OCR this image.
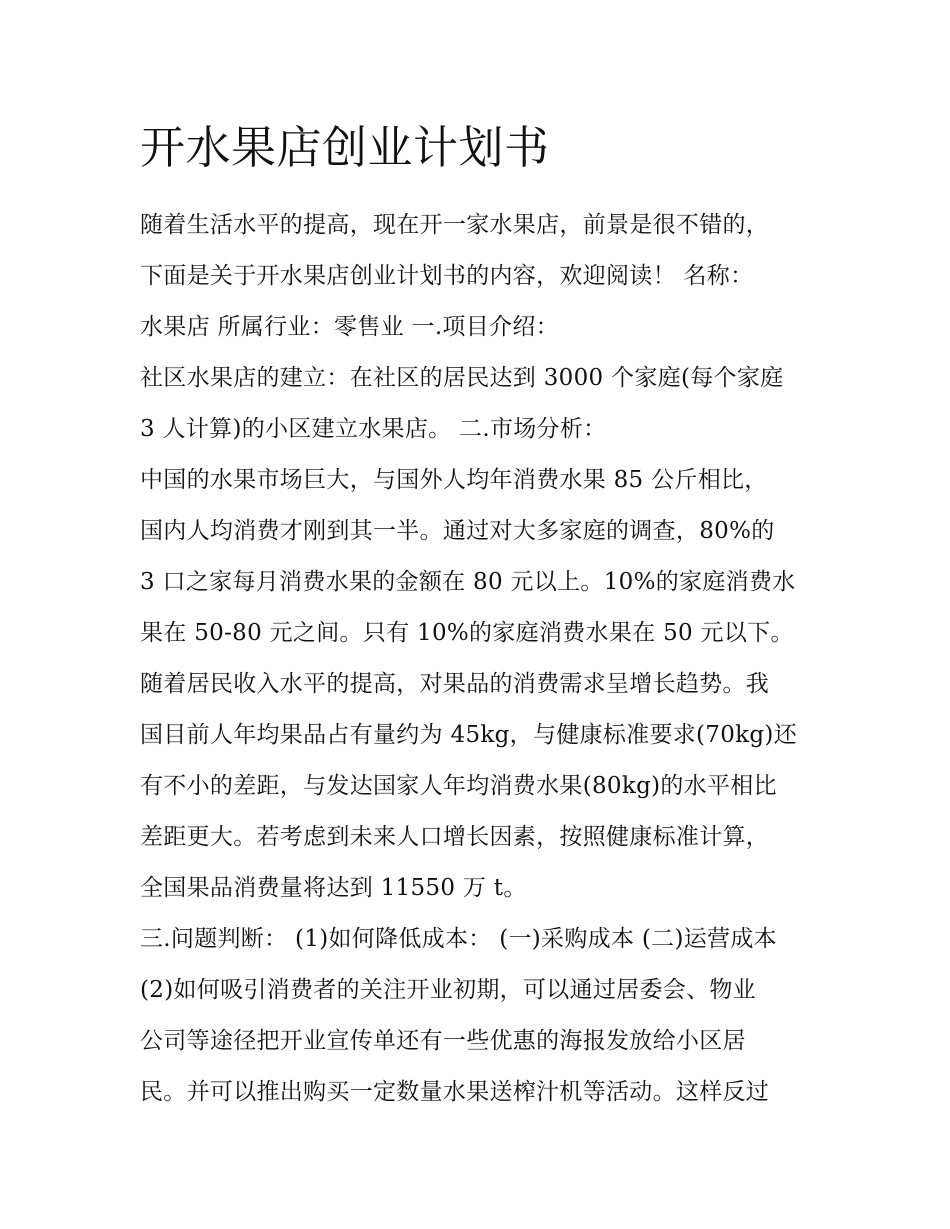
开水果店创业计划书
随着生活水平的提高，现在开一家水果店，前景是很不错的，
下面是关于开水果店创业计划书的内容，欢迎阅读！ 名称：
水果店 所属行业：零售业 一.项目介绍：
社区水果店的建立：在社区的居民达到 3000 个家庭(每个家庭
3 人计算)的小区建立水果店。 二.市场分析：
中国的水果市场巨大，与国外人均年消费水果 85 公斤相比，
国内人均消费才刚到其一半。通过对大多家庭的调查，80%的
3 口之家每月消费水果的金额在 80 元以上。10%的家庭消费水
果在 50-80 元之间。只有 10%的家庭消费水果在 50 元以下。
随着居民收入水平的提高，对果品的消费需求呈增长趋势。我
国目前人年均果品占有量约为 45kg，与健康标准要求(70kg)还
有不小的差距，与发达国家人年均消费水果(80kg)的水平相比
差距更大。若考虑到未来人口增长因素，按照健康标准计算，
全国果品消费量将达到 11550 万 t。
三.问题判断： (1)如何降低成本： (一)采购成本 (二)运营成本
(2)如何吸引消费者的关注开业初期，可以通过居委会、物业
公司等途径把开业宣传单还有一些优惠的海报发放给小区居
民。并可以推出购买一定数量水果送榨汁机等活动。这样反过
